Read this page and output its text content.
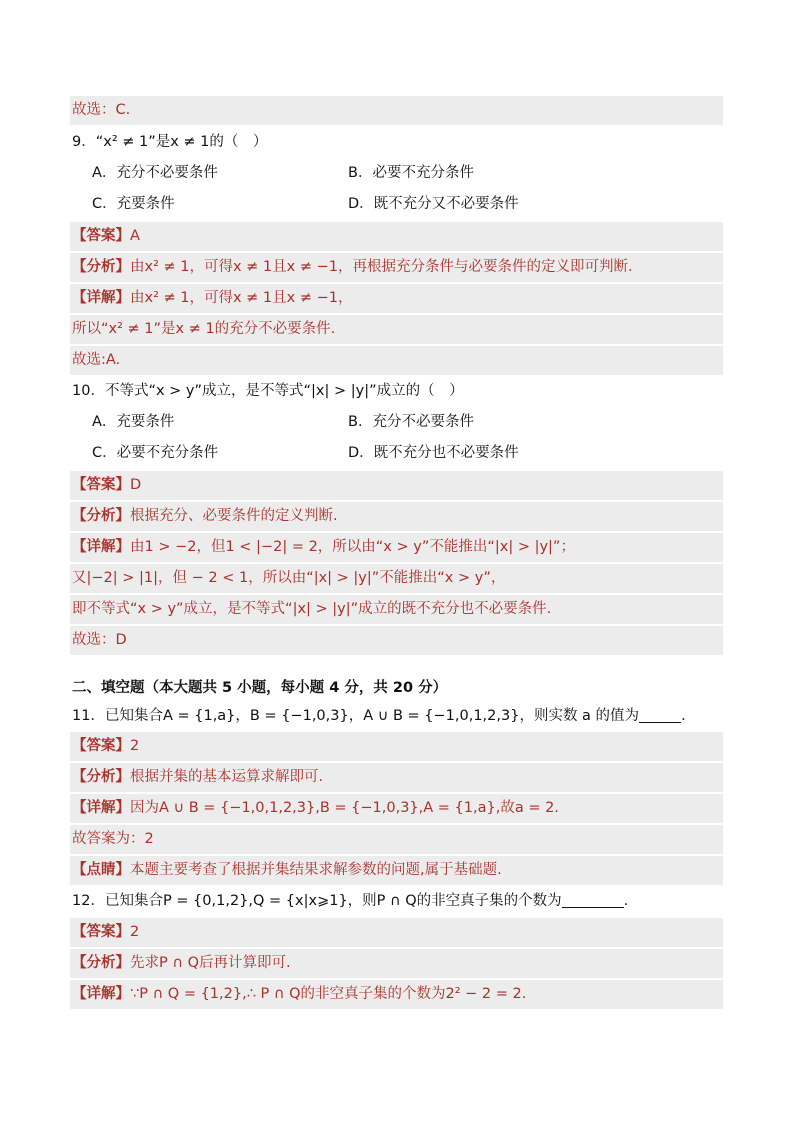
故选：C.
9．“x² ≠ 1”是x ≠ 1的（　）
A．充分不必要条件	B．必要不充分条件
C．充要条件	D．既不充分又不必要条件
【答案】A
【分析】由x² ≠ 1，可得x ≠ 1且x ≠ −1，再根据充分条件与必要条件的定义即可判断.
【详解】由x² ≠ 1，可得x ≠ 1且x ≠ −1，
所以“x² ≠ 1”是x ≠ 1的充分不必要条件.
故选:A.
10．不等式“x > y”成立，是不等式“|x| > |y|”成立的（　）
A．充要条件	B．充分不必要条件
C．必要不充分条件	D．既不充分也不必要条件
【答案】D
【分析】根据充分、必要条件的定义判断.
【详解】由1 > −2，但1 < |−2| = 2，所以由“x > y”不能推出“|x| > |y|”；
又|−2| > |1|，但 − 2 < 1，所以由“|x| > |y|”不能推出“x > y”，
即不等式“x > y”成立，是不等式“|x| > |y|”成立的既不充分也不必要条件.
故选：D
二、填空题（本大题共 5 小题，每小题 4 分，共 20 分）
11．已知集合A = {1,a}，B = {−1,0,3}，A ∪ B = {−1,0,1,2,3}，则实数 a 的值为	.
【答案】2
【分析】根据并集的基本运算求解即可.
【详解】因为A ∪ B = {−1,0,1,2,3},B = {−1,0,3},A = {1,a},故a = 2.
故答案为：2
【点睛】本题主要考查了根据并集结果求解参数的问题,属于基础题.
12．已知集合P = {0,1,2},Q = {x|x⩾1}，则P ∩ Q的非空真子集的个数为	.
【答案】2
【分析】先求P ∩ Q后再计算即可.
【详解】∵P ∩ Q = {1,2},∴ P ∩ Q的非空真子集的个数为2² − 2 = 2.
